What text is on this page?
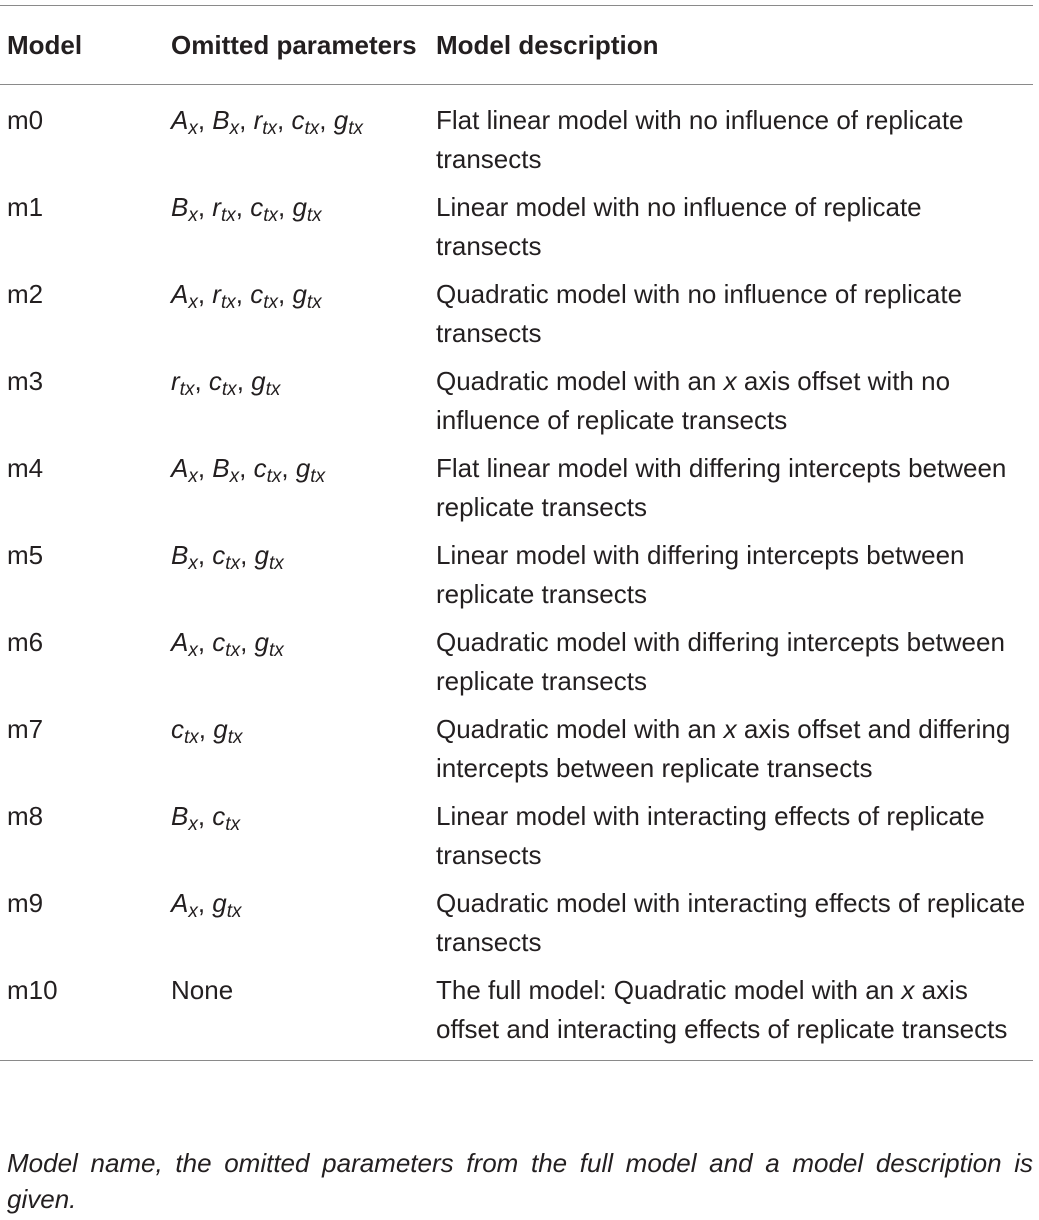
Model	Omitted parameters	Model description
m0	$A_x$, $B_x$, $r_{tx}$, $c_{tx}$, $g_{tx}$	Flat linear model with no influence of replicate transects
m1	$B_x$, $r_{tx}$, $c_{tx}$, $g_{tx}$	Linear model with no influence of replicate transects
m2	$A_x$, $r_{tx}$, $c_{tx}$, $g_{tx}$	Quadratic model with no influence of replicate transects
m3	$r_{tx}$, $c_{tx}$, $g_{tx}$	Quadratic model with an x axis offset with no influence of replicate transects
m4	$A_x$, $B_x$, $c_{tx}$, $g_{tx}$	Flat linear model with differing intercepts between replicate transects
m5	$B_x$, $c_{tx}$, $g_{tx}$	Linear model with differing intercepts between replicate transects
m6	$A_x$, $c_{tx}$, $g_{tx}$	Quadratic model with differing intercepts between replicate transects
m7	$c_{tx}$, $g_{tx}$	Quadratic model with an x axis offset and differing intercepts between replicate transects
m8	$B_x$, $c_{tx}$	Linear model with interacting effects of replicate transects
m9	$A_x$, $g_{tx}$	Quadratic model with interacting effects of replicate transects
m10	None	The full model: Quadratic model with an x axis offset and interacting effects of replicate transects
Model name, the omitted parameters from the full model and a model description is given.
